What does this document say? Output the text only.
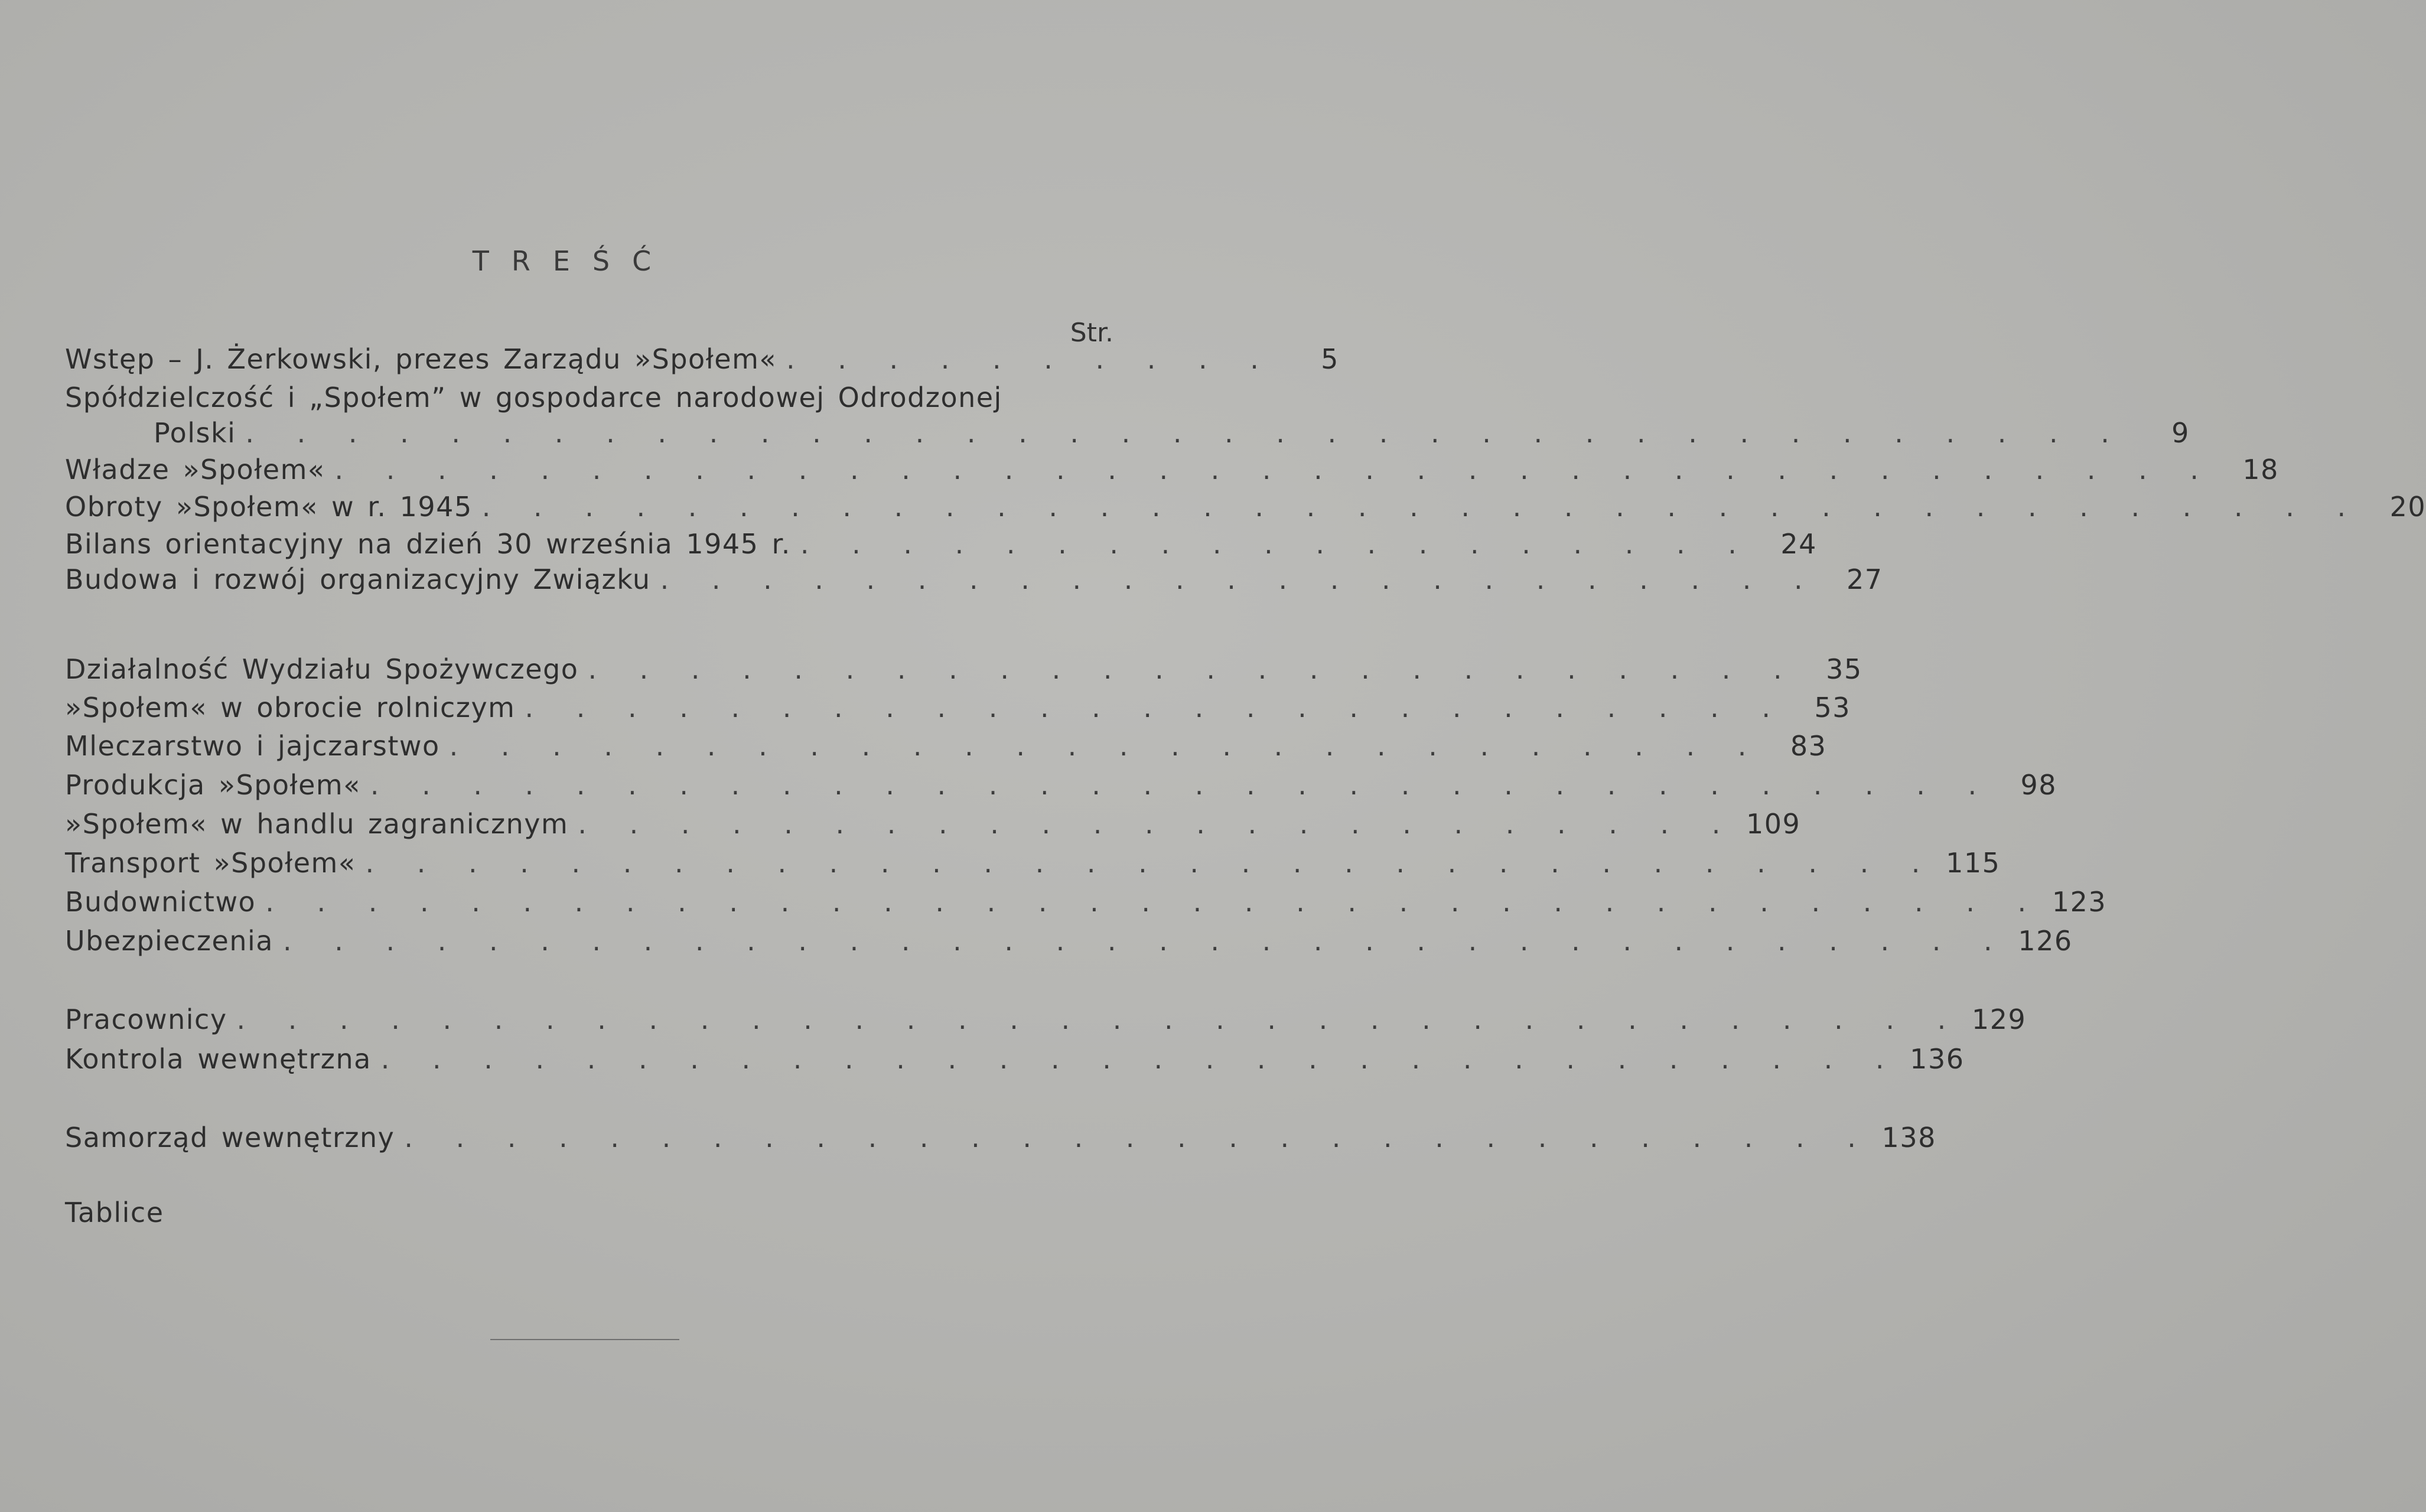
TREŚĆ
Str.
Wstęp – J. Żerkowski, prezes Zarządu »Społem« . . . . . . . . . .	5
Spółdzielczość i „Społem” w gospodarce narodowej Odrodzonej
Polski . . . . . . . . . . . . . . . . . . . . . . . . . . . . . . . . . . . . .	9
Władze »Społem« . . . . . . . . . . . . . . . . . . . . . . . . . . . . . . . . . . . . .	18
Obroty »Społem« w r. 1945 . . . . . . . . . . . . . . . . . . . . . . . . . . . . . . . . . . . . .	20
Bilans orientacyjny na dzień 30 września 1945 r. . . . . . . . . . . . . . . . . . . .	24
Budowa i rozwój organizacyjny Związku . . . . . . . . . . . . . . . . . . . . . . .	27
Działalność Wydziału Spożywczego . . . . . . . . . . . . . . . . . . . . . . . .	35
»Społem« w obrocie rolniczym . . . . . . . . . . . . . . . . . . . . . . . . .	53
Mleczarstwo i jajczarstwo . . . . . . . . . . . . . . . . . . . . . . . . . .	83
Produkcja »Społem« . . . . . . . . . . . . . . . . . . . . . . . . . . . . . . . .	98
»Społem« w handlu zagranicznym . . . . . . . . . . . . . . . . . . . . . . . 109
Transport »Społem« . . . . . . . . . . . . . . . . . . . . . . . . . . . . . . . 115
Budownictwo . . . . . . . . . . . . . . . . . . . . . . . . . . . . . . . . . . . 123
Ubezpieczenia . . . . . . . . . . . . . . . . . . . . . . . . . . . . . . . . . . 126
Pracownicy . . . . . . . . . . . . . . . . . . . . . . . . . . . . . . . . . . 129
Kontrola wewnętrzna . . . . . . . . . . . . . . . . . . . . . . . . . . . . . . 136
Samorząd wewnętrzny . . . . . . . . . . . . . . . . . . . . . . . . . . . . . 138
Tablice
